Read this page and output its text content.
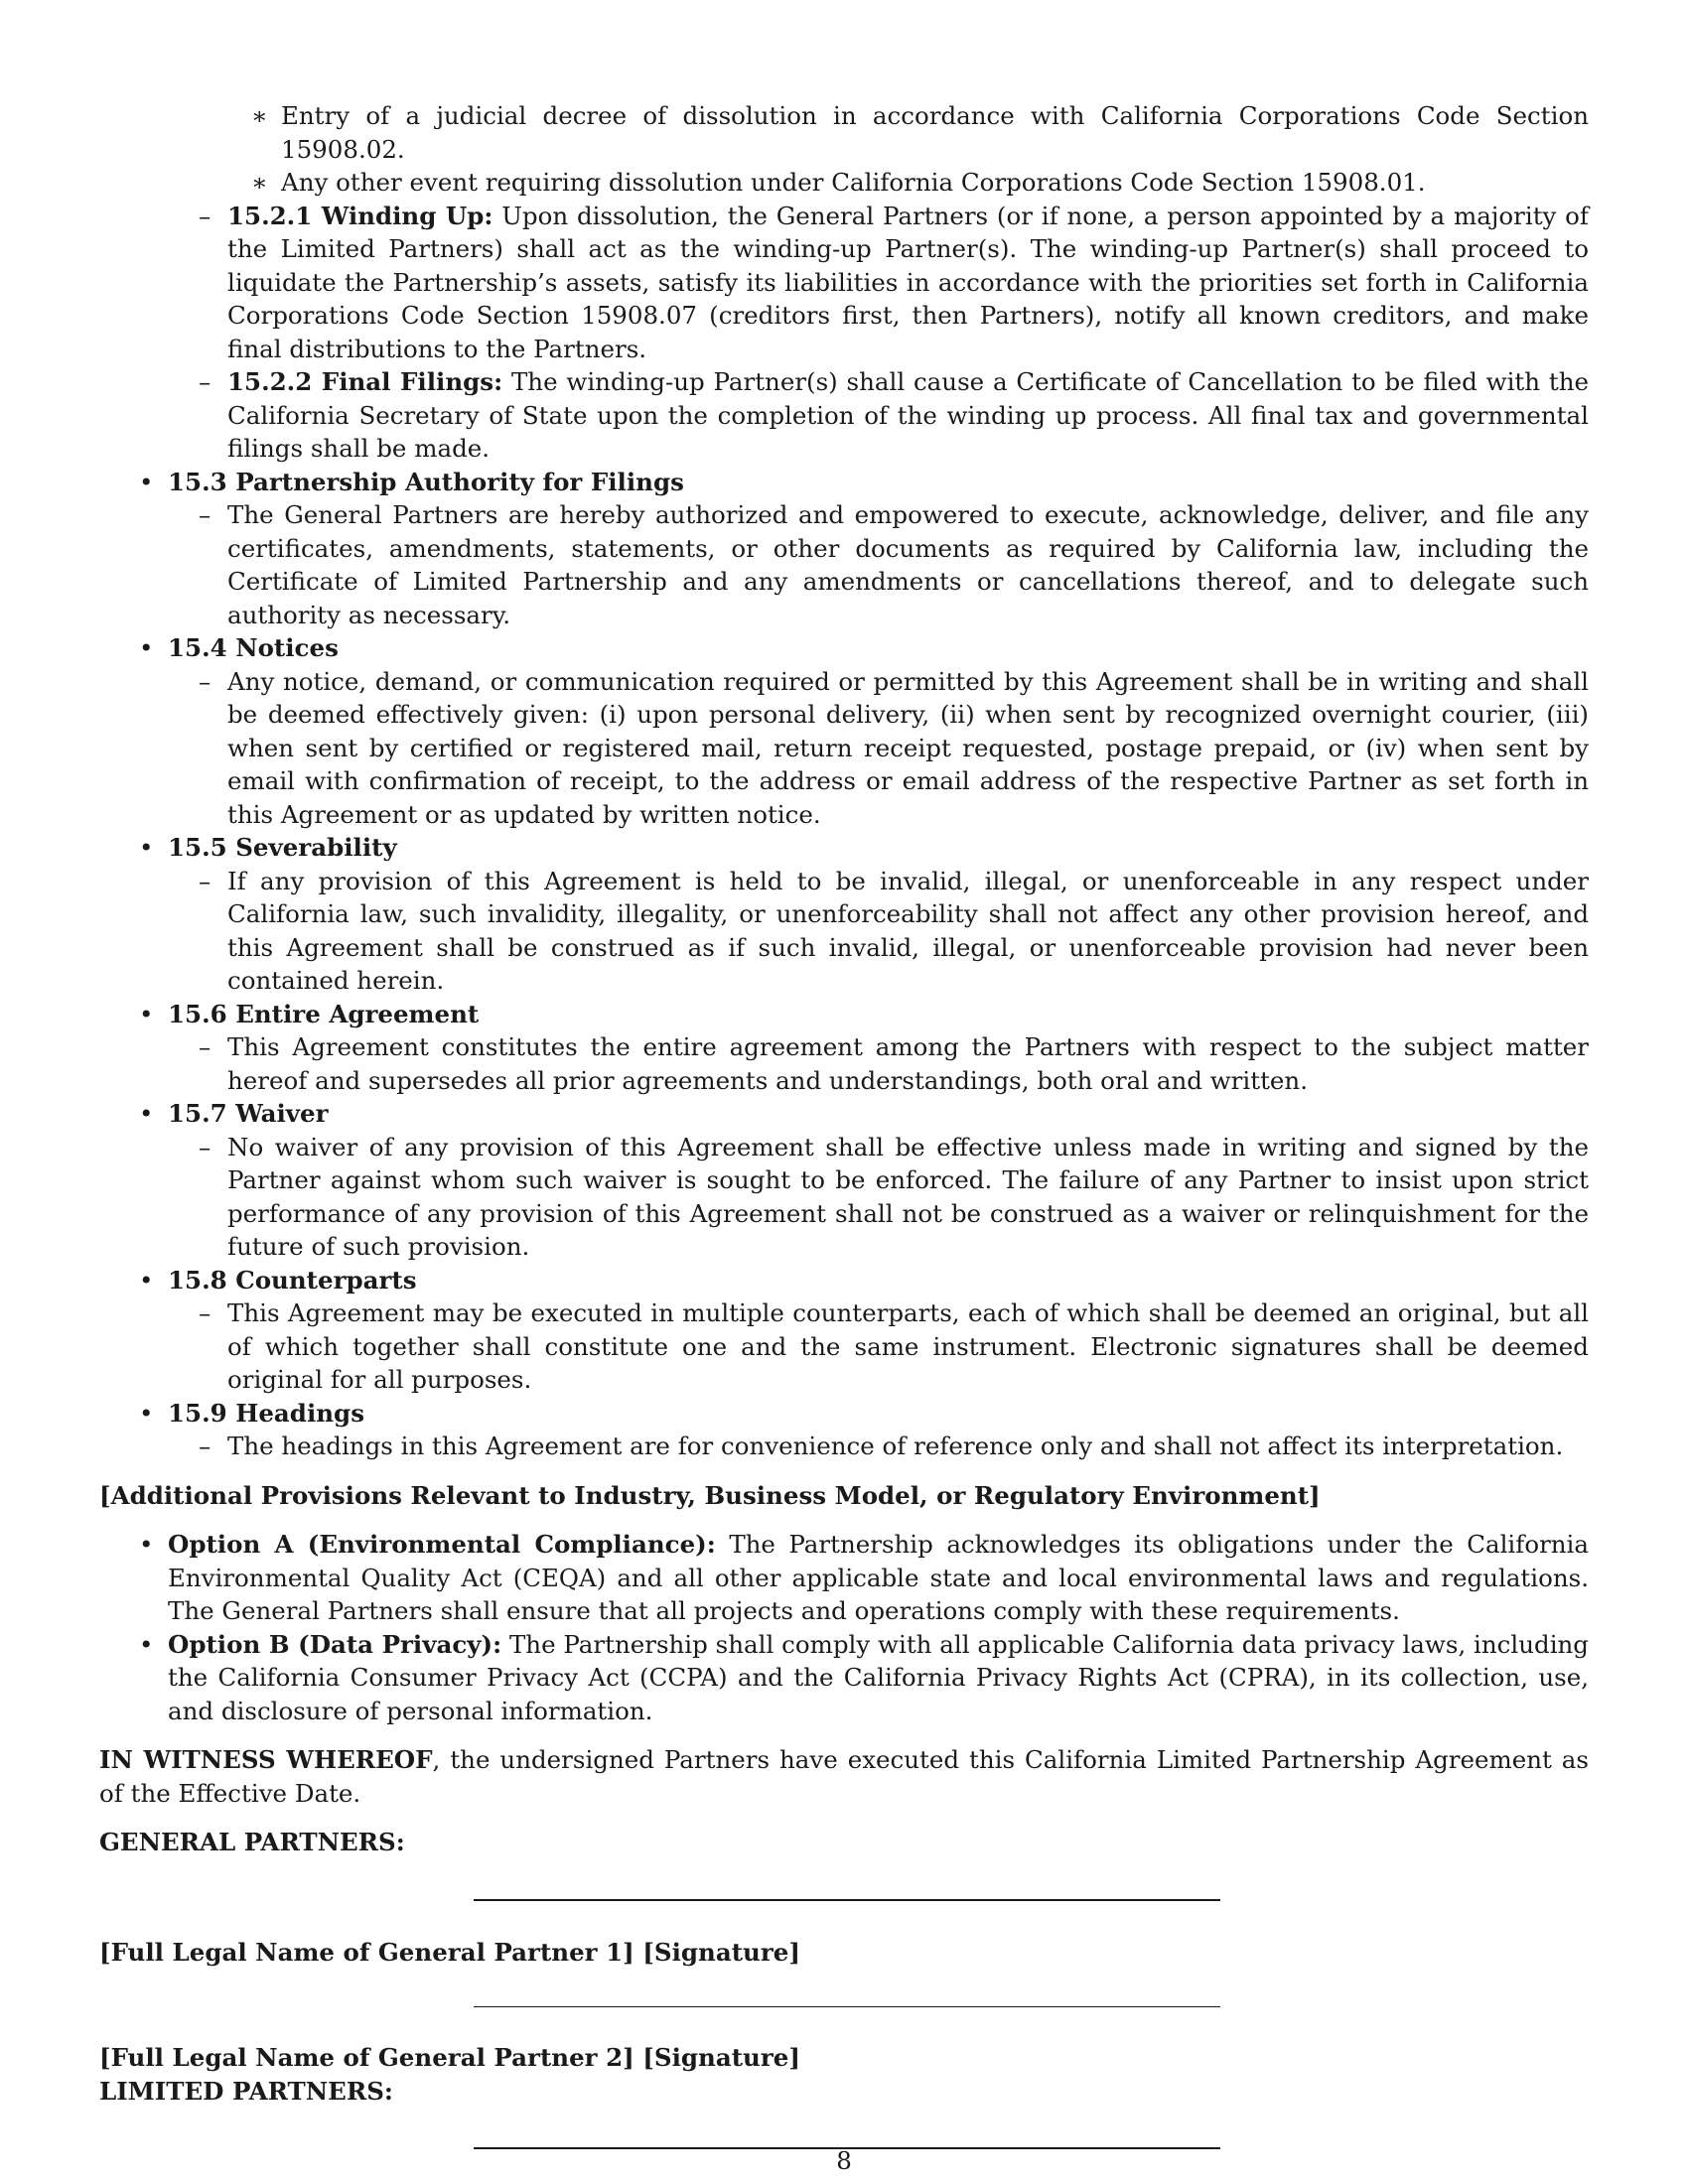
∗ Entry of a judicial decree of dissolution in accordance with California Corporations Code Section 15908.02.

∗ Any other event requiring dissolution under California Corporations Code Section 15908.01.

– 15.2.1 Winding Up: Upon dissolution, the General Partners (or if none, a person appointed by a majority of the Limited Partners) shall act as the winding-up Partner(s). The winding-up Partner(s) shall proceed to liquidate the Partnership’s assets, satisfy its liabilities in accordance with the priorities set forth in California Corporations Code Section 15908.07 (creditors first, then Partners), notify all known creditors, and make final distributions to the Partners.

– 15.2.2 Final Filings: The winding-up Partner(s) shall cause a Certificate of Cancellation to be filed with the California Secretary of State upon the completion of the winding up process. All final tax and governmental filings shall be made.

• 15.3 Partnership Authority for Filings

– The General Partners are hereby authorized and empowered to execute, acknowledge, deliver, and file any certificates, amendments, statements, or other documents as required by California law, including the Certificate of Limited Partnership and any amendments or cancellations thereof, and to delegate such authority as necessary.

• 15.4 Notices

– Any notice, demand, or communication required or permitted by this Agreement shall be in writing and shall be deemed effectively given: (i) upon personal delivery, (ii) when sent by recognized overnight courier, (iii) when sent by certified or registered mail, return receipt requested, postage prepaid, or (iv) when sent by email with confirmation of receipt, to the address or email address of the respective Partner as set forth in this Agreement or as updated by written notice.

• 15.5 Severability

– If any provision of this Agreement is held to be invalid, illegal, or unenforceable in any respect under California law, such invalidity, illegality, or unenforceability shall not affect any other provision hereof, and this Agreement shall be construed as if such invalid, illegal, or unenforceable provision had never been contained herein.

• 15.6 Entire Agreement

– This Agreement constitutes the entire agreement among the Partners with respect to the subject matter hereof and supersedes all prior agreements and understandings, both oral and written.

• 15.7 Waiver

– No waiver of any provision of this Agreement shall be effective unless made in writing and signed by the Partner against whom such waiver is sought to be enforced. The failure of any Partner to insist upon strict performance of any provision of this Agreement shall not be construed as a waiver or relinquishment for the future of such provision.

• 15.8 Counterparts

– This Agreement may be executed in multiple counterparts, each of which shall be deemed an original, but all of which together shall constitute one and the same instrument. Electronic signatures shall be deemed original for all purposes.

• 15.9 Headings

– The headings in this Agreement are for convenience of reference only and shall not affect its interpretation.

[Additional Provisions Relevant to Industry, Business Model, or Regulatory Environment]

• Option A (Environmental Compliance): The Partnership acknowledges its obligations under the California Environmental Quality Act (CEQA) and all other applicable state and local environmental laws and regulations. The General Partners shall ensure that all projects and operations comply with these requirements.

• Option B (Data Privacy): The Partnership shall comply with all applicable California data privacy laws, including the California Consumer Privacy Act (CCPA) and the California Privacy Rights Act (CPRA), in its collection, use, and disclosure of personal information.

IN WITNESS WHEREOF, the undersigned Partners have executed this California Limited Partnership Agreement as of the Effective Date.

GENERAL PARTNERS:

[Full Legal Name of General Partner 1] [Signature]

[Full Legal Name of General Partner 2] [Signature]

LIMITED PARTNERS:

8
